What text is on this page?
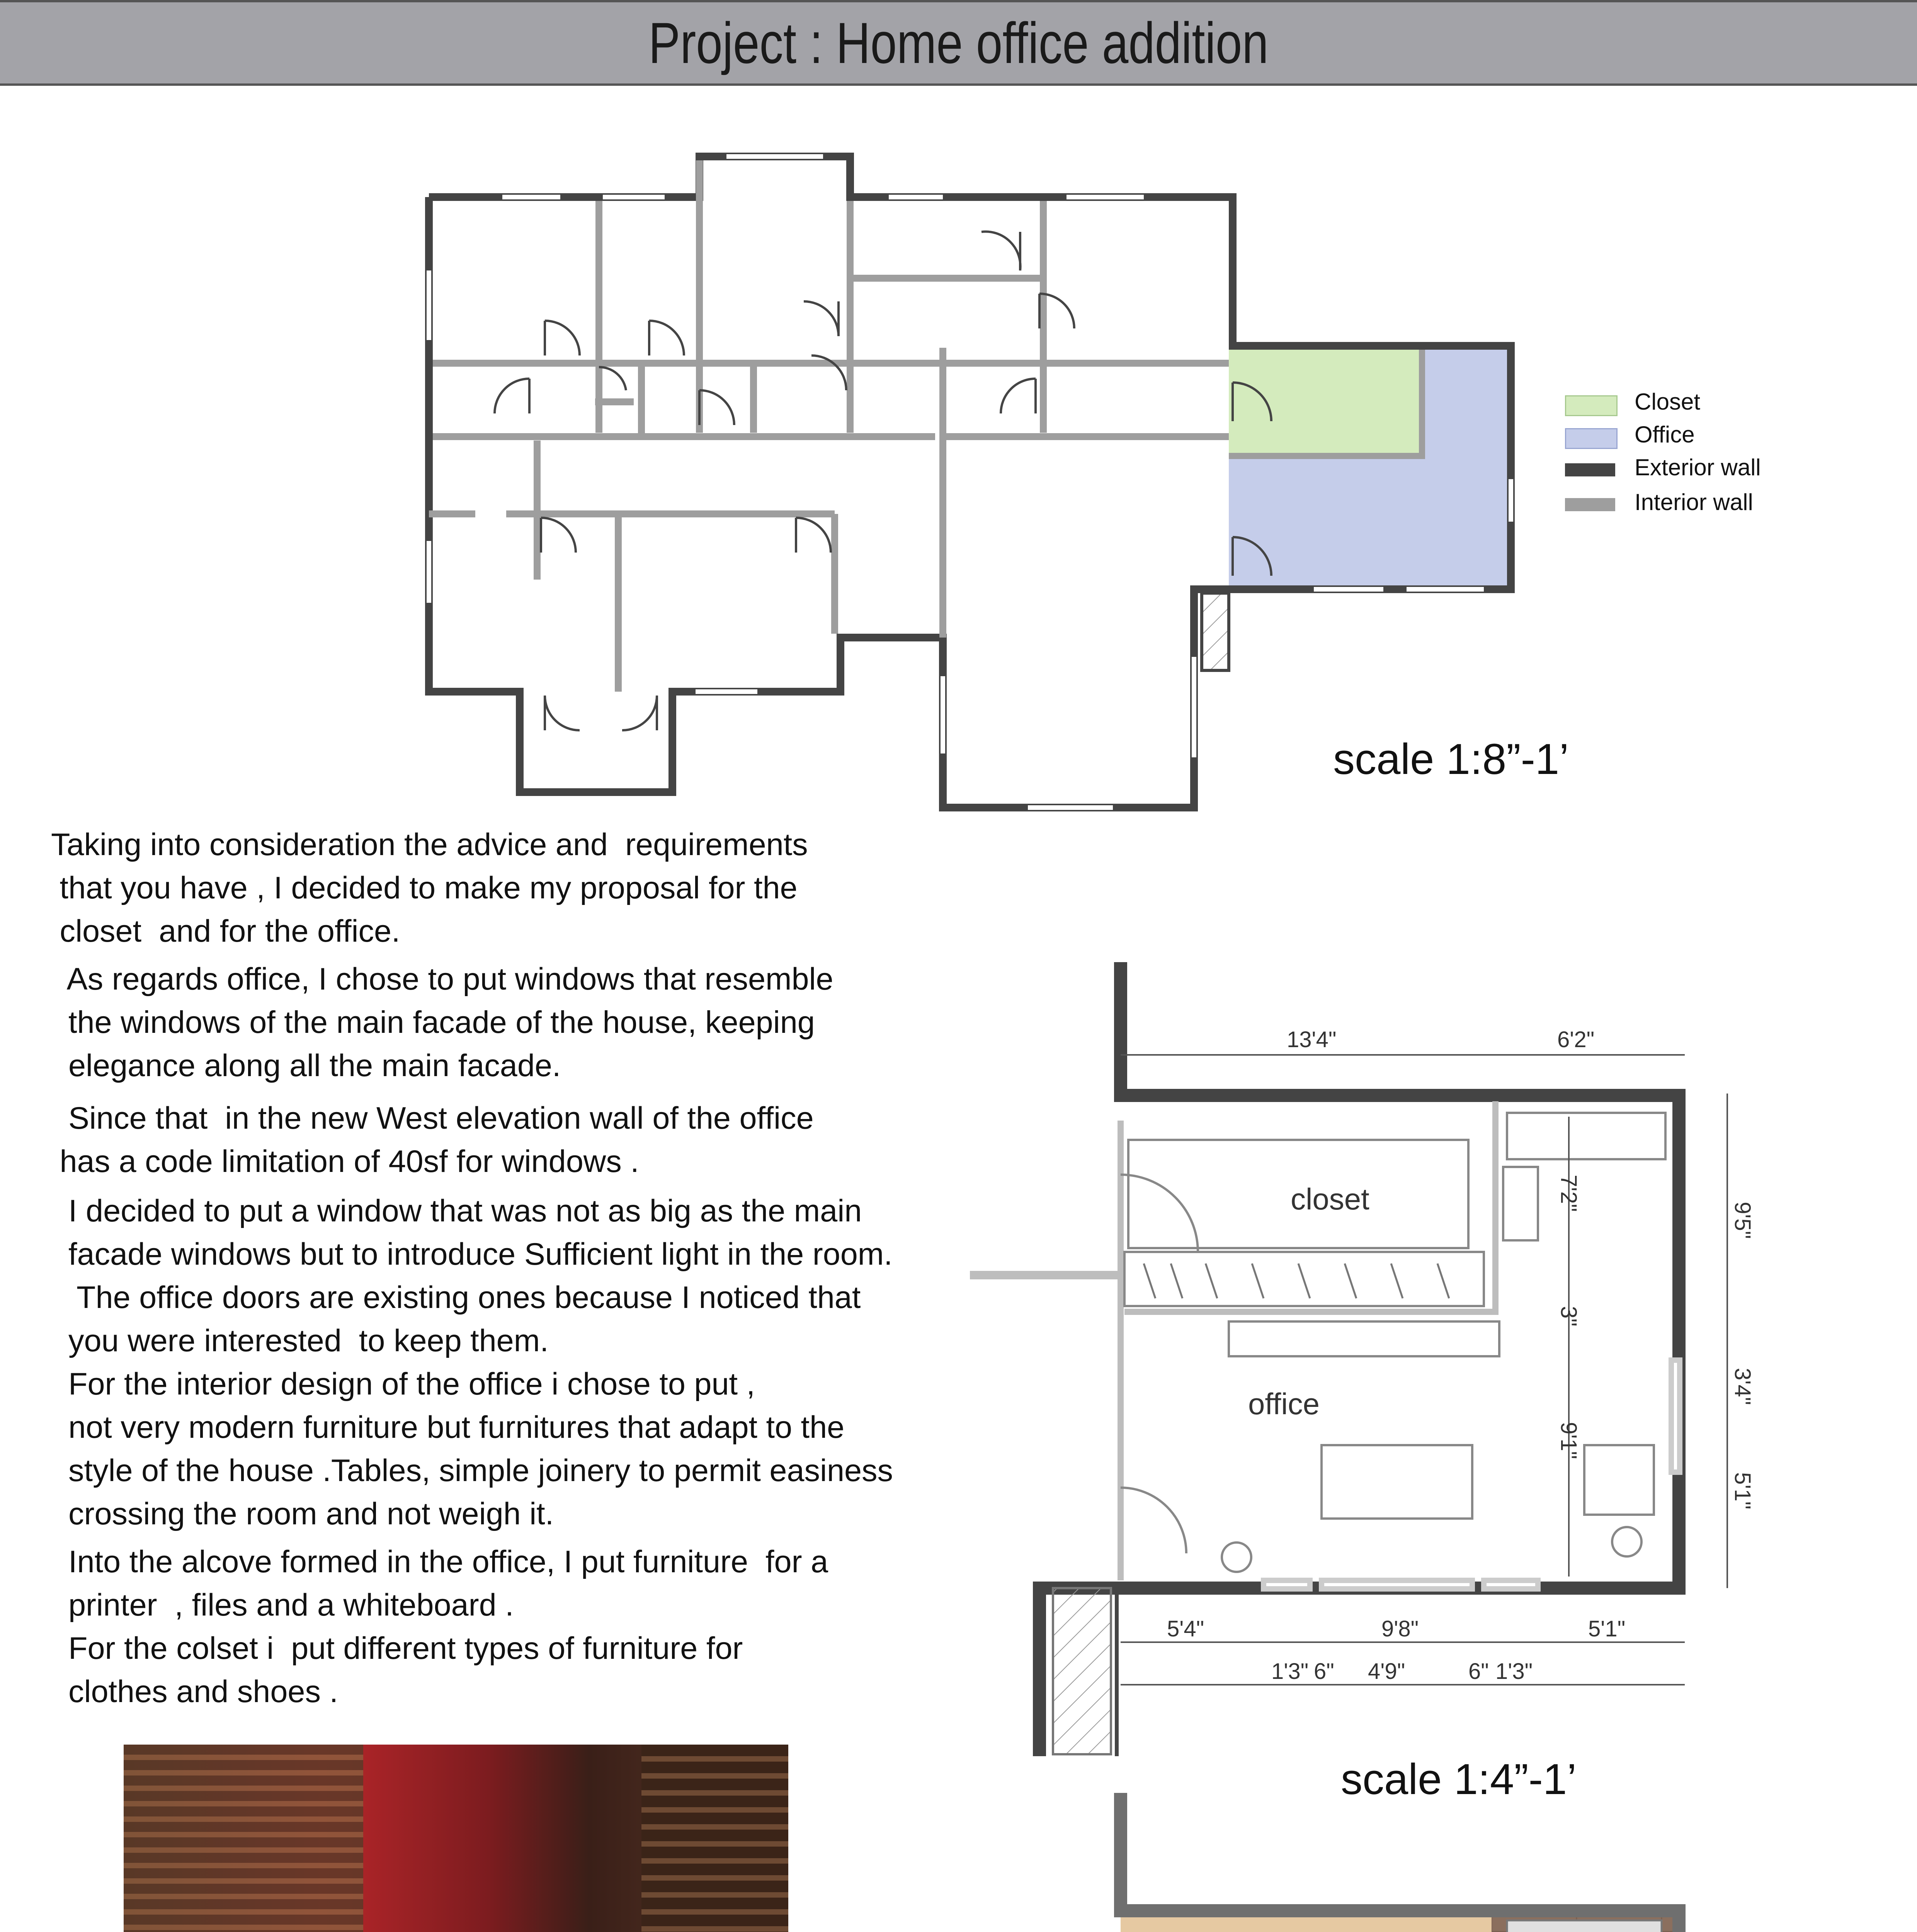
Project : Home office addition
closet
office
13'4"	6'2"
9'5"
3'4"
5'1"
7'2"
3"
9'1"
5'4"	9'8"	5'1"
1'3" 6" 4'9"	6" 1'3"
Closet
Office
Exterior wall
Interior wall
scale 1:8”-1’
scale 1:4”-1’

Taking into consideration the advice and  requirements

that you have , I decided to make my proposal for the

closet  and for the office.

As regards office, I chose to put windows that resemble

the windows of the main facade of the house, keeping

elegance along all the main facade.

Since that  in the new West elevation wall of the office

has a code limitation of 40sf for windows .

I decided to put a window that was not as big as the main

facade windows but to introduce Sufficient light in the room.

The office doors are existing ones because I noticed that

you were interested  to keep them.

For the interior design of the office i chose to put ,

not very modern furniture but furnitures that adapt to the

style of the house .Tables, simple joinery to permit easiness

crossing the room and not weigh it.

Into the alcove formed in the office, I put furniture  for a

printer  , files and a whiteboard .

For the colset i  put different types of furniture for

clothes and shoes .
